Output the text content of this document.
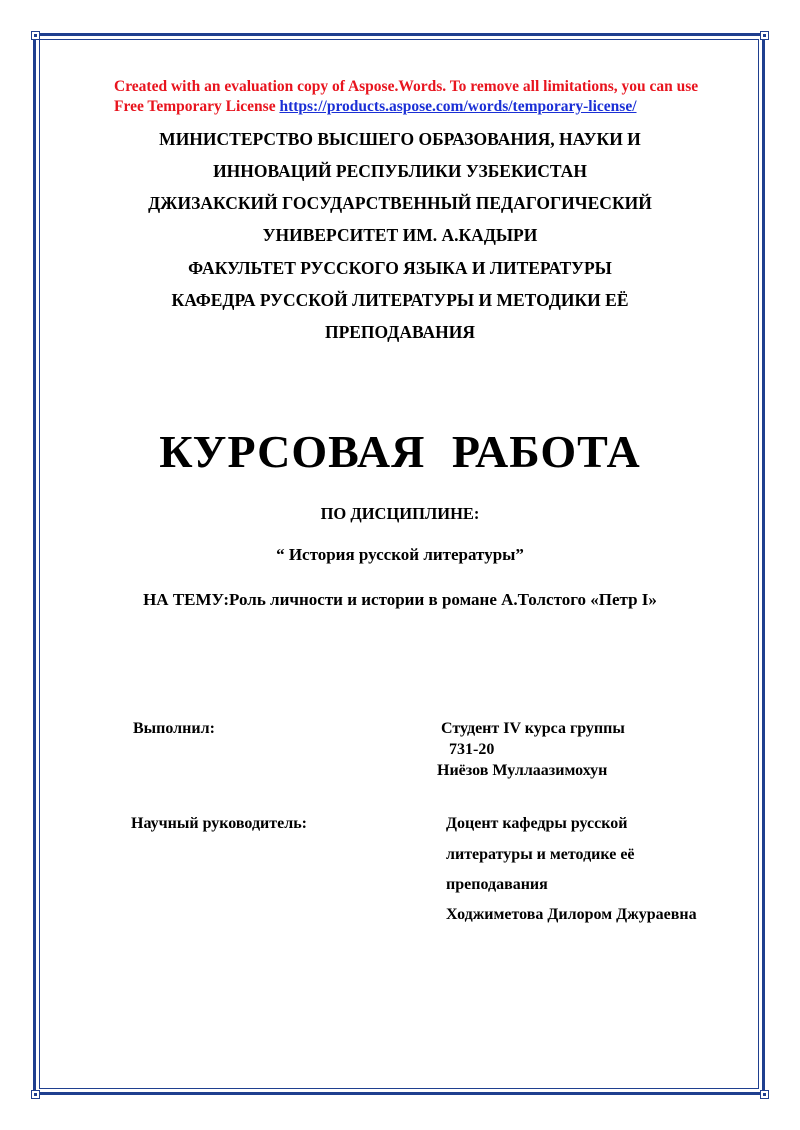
Created with an evaluation copy of Aspose.Words. To remove all limitations, you can use
Free Temporary License https://products.aspose.com/words/temporary-license/
МИНИСТЕРСТВО ВЫСШЕГО ОБРАЗОВАНИЯ, НАУКИ И
ИННОВАЦИЙ РЕСПУБЛИКИ УЗБЕКИСТАН
ДЖИЗАКСКИЙ ГОСУДАРСТВЕННЫЙ ПЕДАГОГИЧЕСКИЙ
УНИВЕРСИТЕТ ИМ. А.КАДЫРИ
ФАКУЛЬТЕТ РУССКОГО ЯЗЫКА И ЛИТЕРАТУРЫ
КАФЕДРА РУССКОЙ ЛИТЕРАТУРЫ И МЕТОДИКИ ЕЁ
ПРЕПОДАВАНИЯ
КУРСОВАЯ РАБОТА
ПО ДИСЦИПЛИНЕ:
“ История русской литературы”
НА ТЕМУ:Роль личности и истории в романе А.Толстого «Петр I»
Выполнил:	Студент IV курса группы
731-20
Ниёзов Муллаазимохун
Научный руководитель:	Доцент кафедры русской
литературы и методике её
преподавания
Ходжиметова Дилором Джураевна
